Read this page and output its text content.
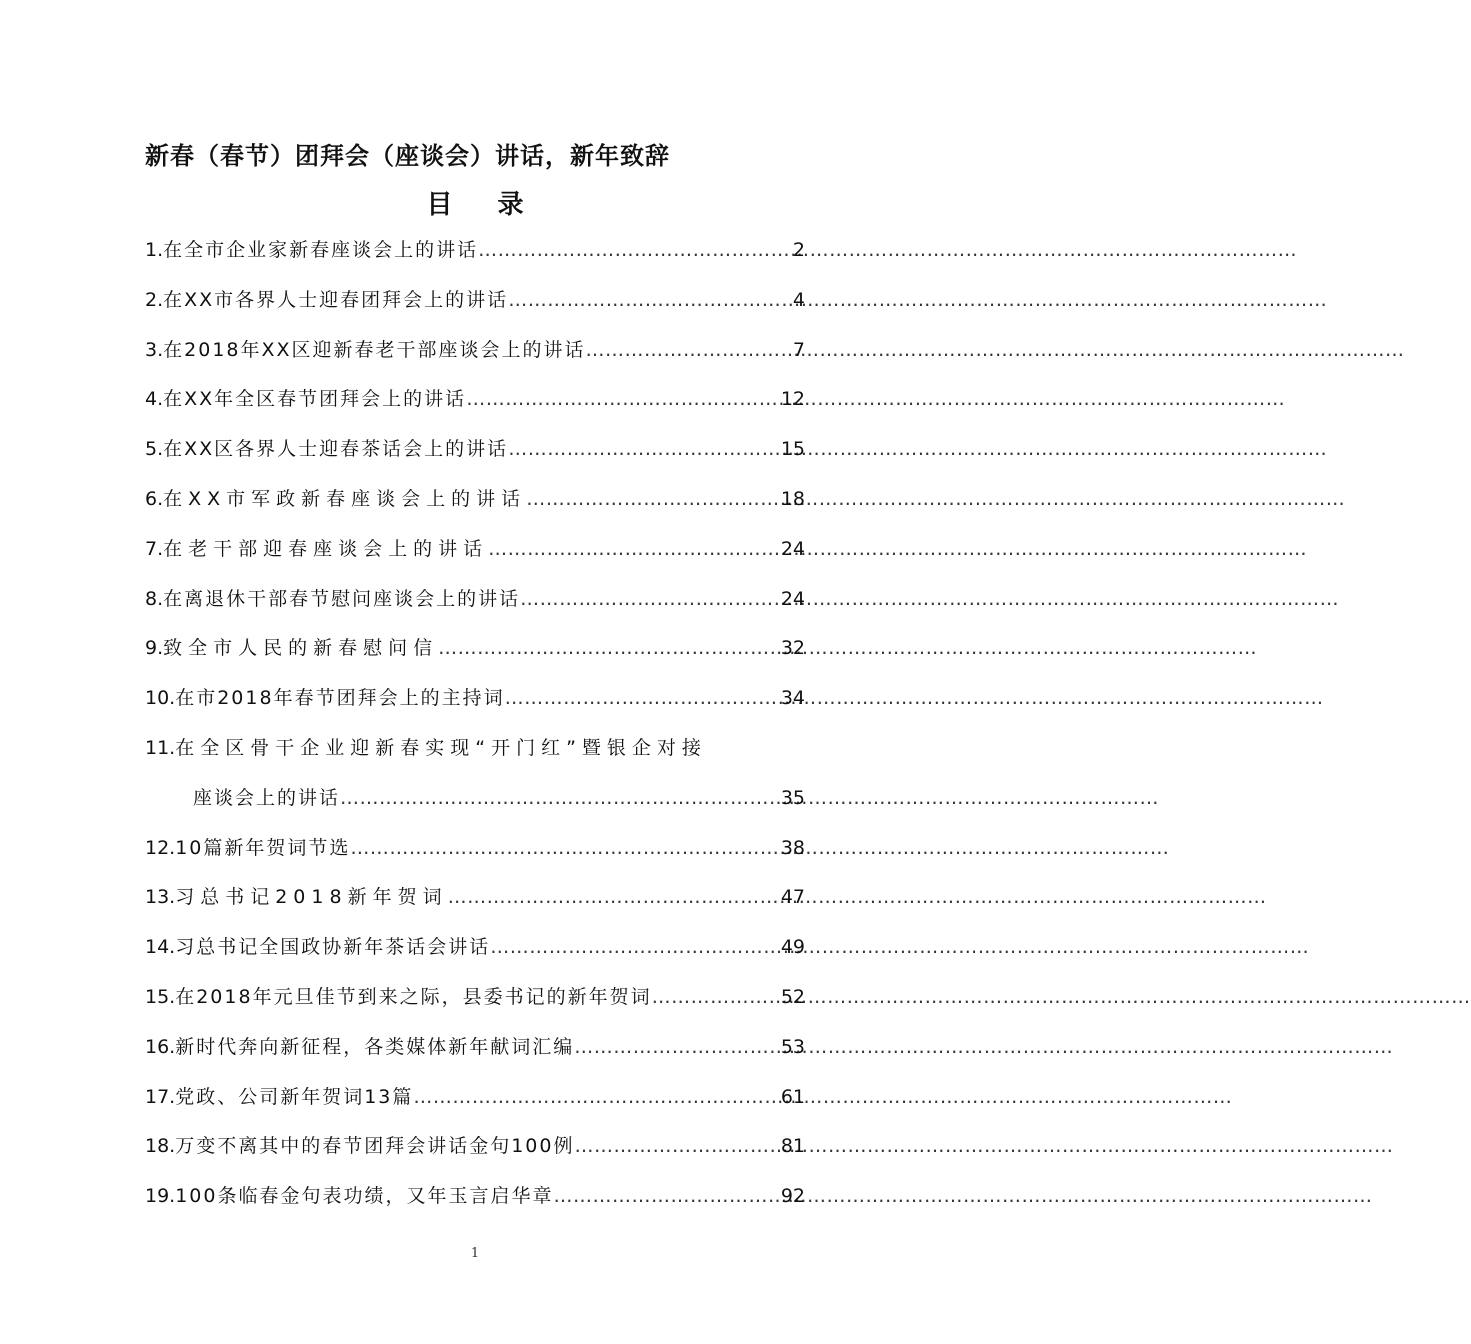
新春（春节）团拜会（座谈会）讲话，新年致辞
目 录
1. 在全市企业家新春座谈会上的讲话 ………………………………………………………………………………………………………………	2
2. 在XX市各界人士迎春团拜会上的讲话 ………………………………………………………………………………………………………………	4
3. 在2018年XX区迎新春老干部座谈会上的讲话 ………………………………………………………………………………………………………………	7
4. 在XX年全区春节团拜会上的讲话 ………………………………………………………………………………………………………………	12
5. 在XX区各界人士迎春茶话会上的讲话 ………………………………………………………………………………………………………………	15
6. 在XX市军政新春座谈会上的讲话 ………………………………………………………………………………………………………………	18
7. 在老干部迎春座谈会上的讲话 ………………………………………………………………………………………………………………	24
8. 在离退休干部春节慰问座谈会上的讲话 ………………………………………………………………………………………………………………	24
9. 致全市人民的新春慰问信 ………………………………………………………………………………………………………………	32
10. 在市2018年春节团拜会上的主持词 ………………………………………………………………………………………………………………	34
11. 在全区骨干企业迎新春实现“开门红”暨银企对接
座谈会上的讲话 ………………………………………………………………………………………………………………	35
12. 10篇新年贺词节选 ………………………………………………………………………………………………………………	38
13. 习总书记2018新年贺词 ………………………………………………………………………………………………………………	47
14. 习总书记全国政协新年茶话会讲话 ………………………………………………………………………………………………………………	49
15. 在2018年元旦佳节到来之际，县委书记的新年贺词 ………………………………………………………………………………………………………………	52
16. 新时代奔向新征程，各类媒体新年献词汇编 ………………………………………………………………………………………………………………	53
17. 党政、公司新年贺词13篇 ………………………………………………………………………………………………………………	61
18. 万变不离其中的春节团拜会讲话金句100例 ………………………………………………………………………………………………………………	81
19. 100条临春金句表功绩，又年玉言启华章 ………………………………………………………………………………………………………………	92
1
